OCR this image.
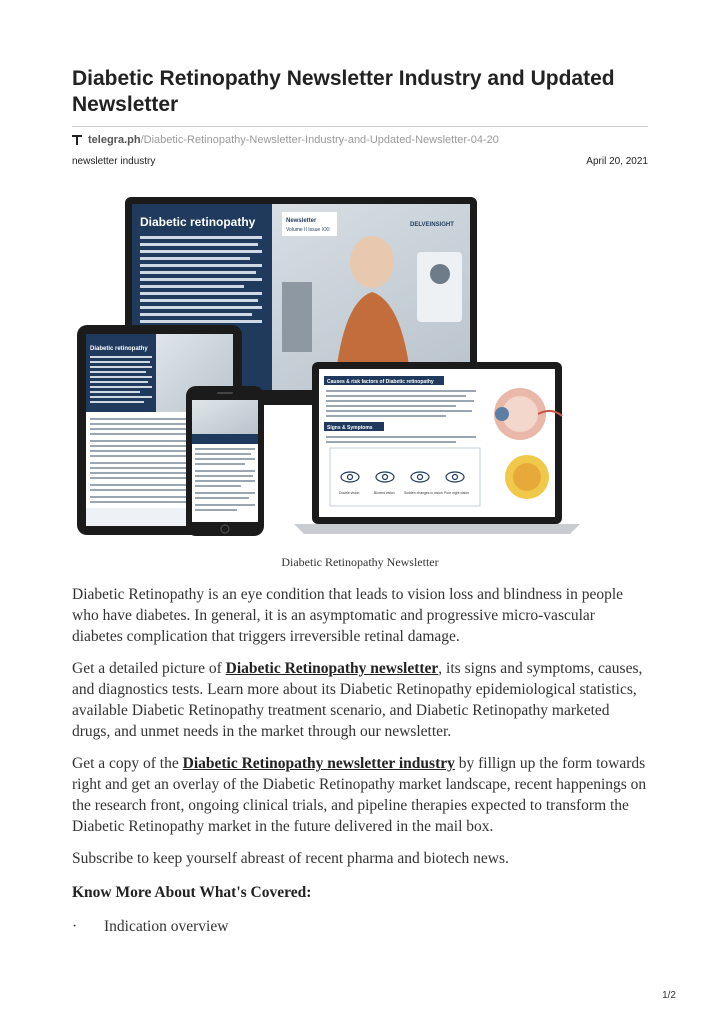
Diabetic Retinopathy Newsletter Industry and Updated Newsletter
telegra.ph /Diabetic-Retinopathy-Newsletter-Industry-and-Updated-Newsletter-04-20
newsletter industry	April 20, 2021
Diabetic retinopathy	Newsletter
Volume II Issue XXI
DELVEINSIGHT
Causes & risk factors of Diabetic retinopathy
Signs & Symptoms
Double vision	Blurred vision	Sudden changes in vision Poor night vision
Diabetic retinopathy
Diabetic Retinopathy Newsletter

Diabetic Retinopathy is an eye condition that leads to vision loss and blindness in people who have diabetes. In general, it is an asymptomatic and progressive micro-vascular diabetes complication that triggers irreversible retinal damage.

Get a detailed picture of Diabetic Retinopathy newsletter, its signs and symptoms, causes, and diagnostics tests. Learn more about its Diabetic Retinopathy epidemiological statistics, available Diabetic Retinopathy treatment scenario, and Diabetic Retinopathy marketed drugs, and unmet needs in the market through our newsletter.

Get a copy of the Diabetic Retinopathy newsletter industry by fillign up the form towards right and get an overlay of the Diabetic Retinopathy market landscape, recent happenings on the research front, ongoing clinical trials, and pipeline therapies expected to transform the Diabetic Retinopathy market in the future delivered in the mail box.

Subscribe to keep yourself abreast of recent pharma and biotech news.

Know More About What's Covered:

· Indication overview
1/2
